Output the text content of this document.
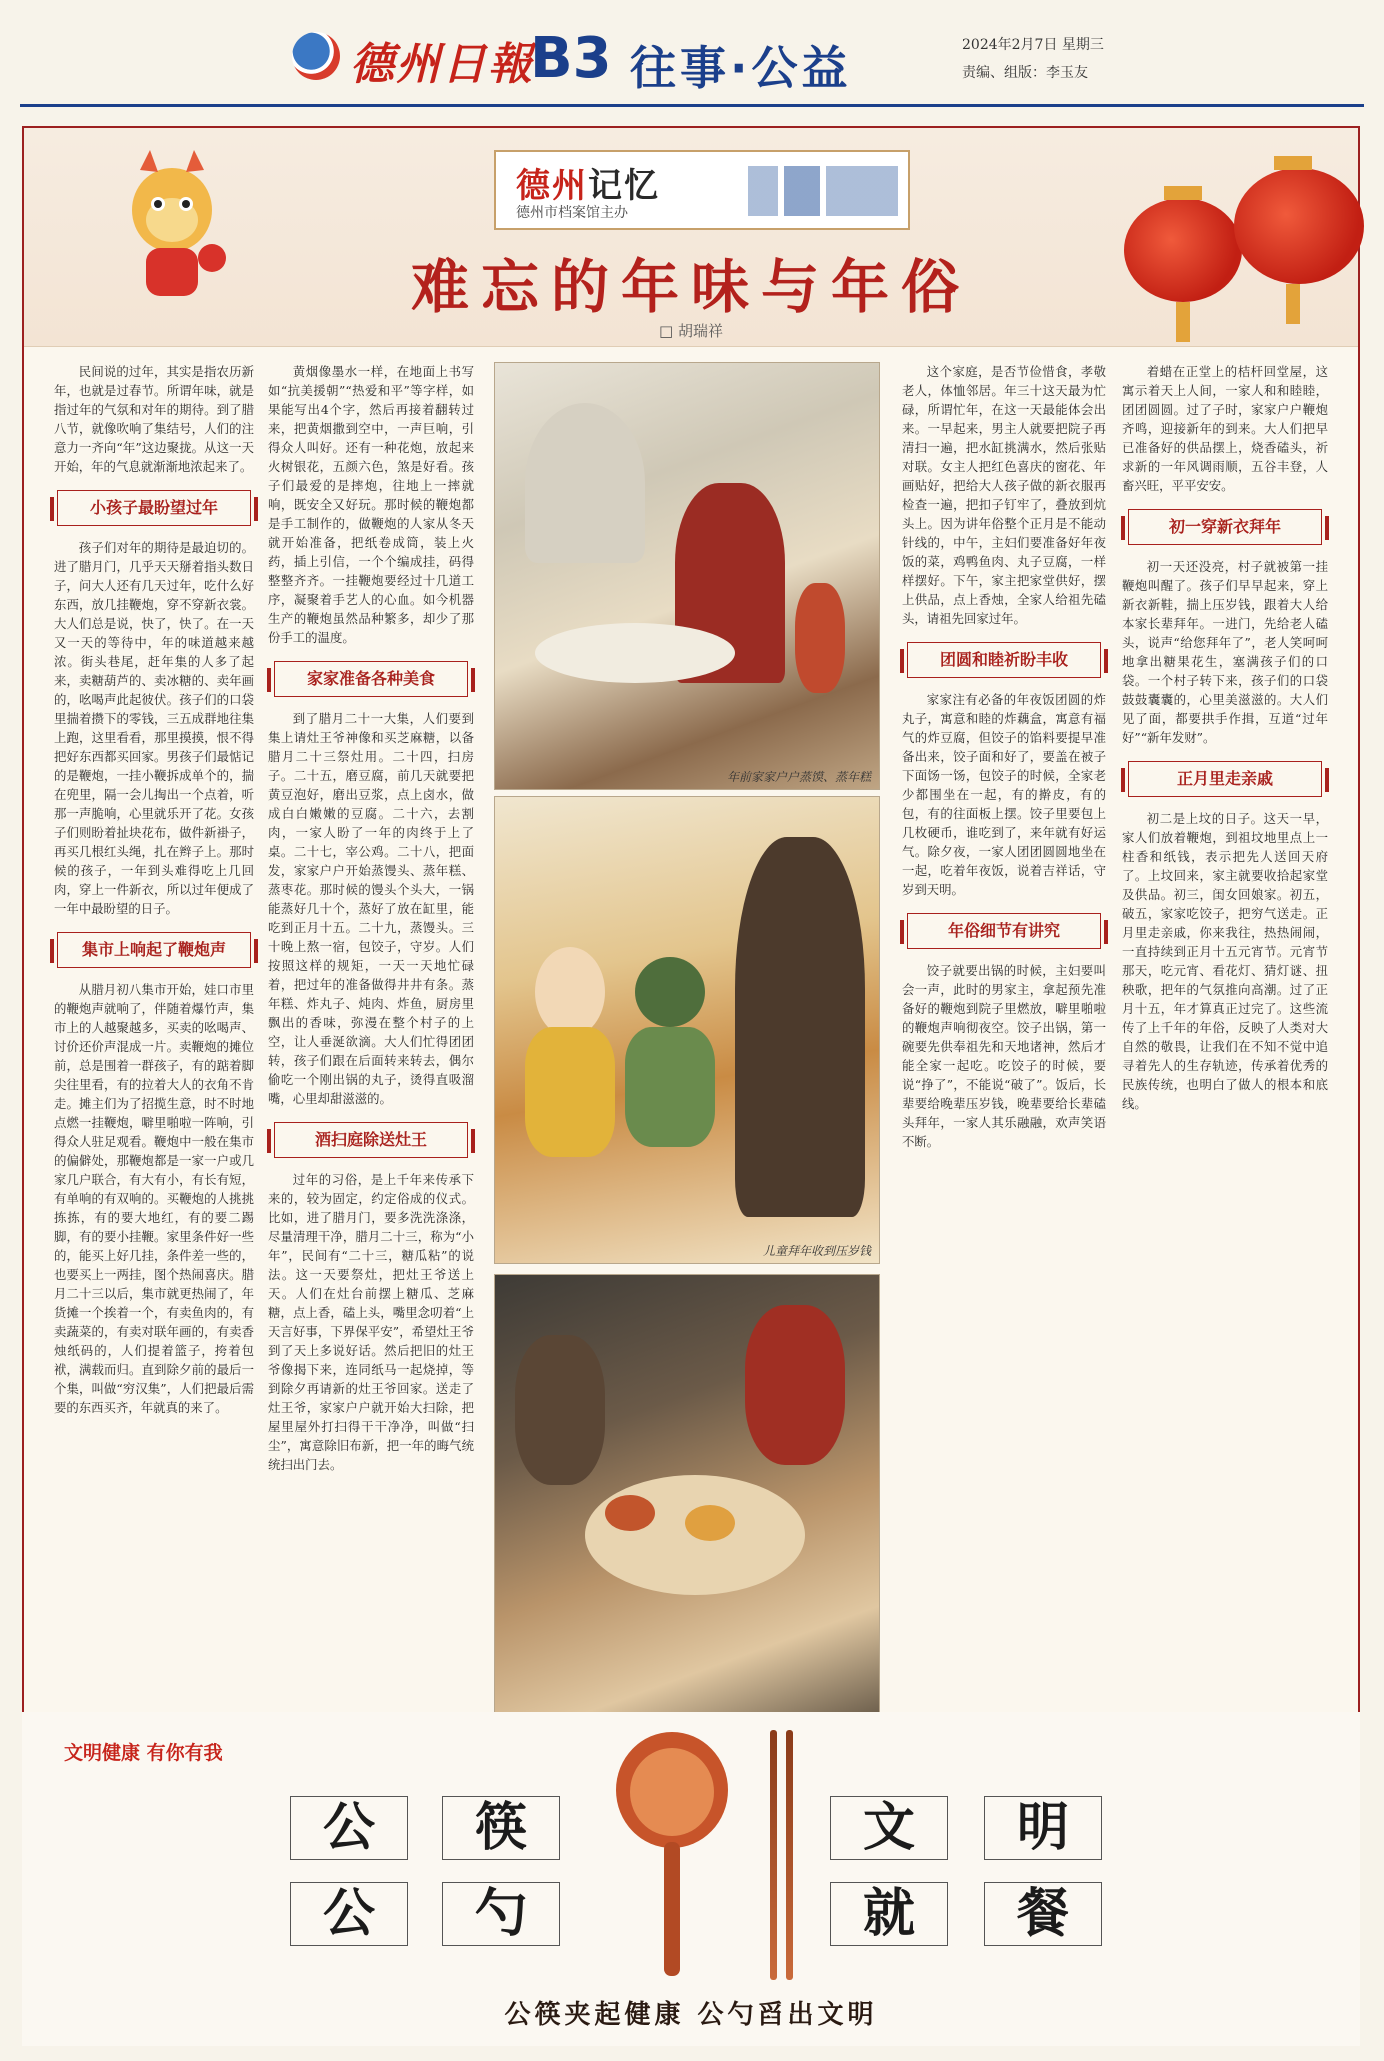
德州日報
B3 往事·公益	2024年2月7日 星期三
责编、组版：李玉友
德州记忆
德州市档案馆主办
难忘的年味与年俗
□ 胡瑞祥

民间说的过年，其实是指农历新年，也就是过春节。所谓年味，就是指过年的气氛和对年的期待。到了腊八节，就像吹响了集结号，人们的注意力一齐向“年”这边聚拢。从这一天开始，年的气息就渐渐地浓起来了。

小孩子最盼望过年

孩子们对年的期待是最迫切的。进了腊月门，几乎天天掰着指头数日子，问大人还有几天过年，吃什么好东西，放几挂鞭炮，穿不穿新衣裳。大人们总是说，快了，快了。在一天又一天的等待中，年的味道越来越浓。街头巷尾，赶年集的人多了起来，卖糖葫芦的、卖冰糖的、卖年画的，吆喝声此起彼伏。孩子们的口袋里揣着攒下的零钱，三五成群地往集上跑，这里看看，那里摸摸，恨不得把好东西都买回家。男孩子们最惦记的是鞭炮，一挂小鞭拆成单个的，揣在兜里，隔一会儿掏出一个点着，听那一声脆响，心里就乐开了花。女孩子们则盼着扯块花布，做件新褂子，再买几根红头绳，扎在辫子上。那时候的孩子，一年到头难得吃上几回肉，穿上一件新衣，所以过年便成了一年中最盼望的日子。

集市上响起了鞭炮声

从腊月初八集市开始，娃口市里的鞭炮声就响了，伴随着爆竹声，集市上的人越聚越多，买卖的吆喝声、讨价还价声混成一片。卖鞭炮的摊位前，总是围着一群孩子，有的踮着脚尖往里看，有的拉着大人的衣角不肯走。摊主们为了招揽生意，时不时地点燃一挂鞭炮，噼里啪啦一阵响，引得众人驻足观看。鞭炮中一般在集市的偏僻处，那鞭炮都是一家一户或几家几户联合，有大有小，有长有短，有单响的有双响的。买鞭炮的人挑挑拣拣，有的要大地红，有的要二踢脚，有的要小挂鞭。家里条件好一些的，能买上好几挂，条件差一些的，也要买上一两挂，图个热闹喜庆。腊月二十三以后，集市就更热闹了，年货摊一个挨着一个，有卖鱼肉的，有卖蔬菜的，有卖对联年画的，有卖香烛纸码的，人们提着篮子，挎着包袱，满载而归。直到除夕前的最后一个集，叫做“穷汉集”，人们把最后需要的东西买齐，年就真的来了。

黄烟像墨水一样，在地面上书写如“抗美援朝”“热爱和平”等字样，如果能写出4个字，然后再接着翻转过来，把黄烟撒到空中，一声巨响，引得众人叫好。还有一种花炮，放起来火树银花，五颜六色，煞是好看。孩子们最爱的是摔炮，往地上一摔就响，既安全又好玩。那时候的鞭炮都是手工制作的，做鞭炮的人家从冬天就开始准备，把纸卷成筒，装上火药，插上引信，一个个编成挂，码得整整齐齐。一挂鞭炮要经过十几道工序，凝聚着手艺人的心血。如今机器生产的鞭炮虽然品种繁多，却少了那份手工的温度。

家家准备各种美食

到了腊月二十一大集，人们要到集上请灶王爷神像和买芝麻糖，以备腊月二十三祭灶用。二十四，扫房子。二十五，磨豆腐，前几天就要把黄豆泡好，磨出豆浆，点上卤水，做成白白嫩嫩的豆腐。二十六，去割肉，一家人盼了一年的肉终于上了桌。二十七，宰公鸡。二十八，把面发，家家户户开始蒸馒头、蒸年糕、蒸枣花。那时候的馒头个头大，一锅能蒸好几十个，蒸好了放在缸里，能吃到正月十五。二十九，蒸馒头。三十晚上熬一宿，包饺子，守岁。人们按照这样的规矩，一天一天地忙碌着，把过年的准备做得井井有条。蒸年糕、炸丸子、炖肉、炸鱼，厨房里飘出的香味，弥漫在整个村子的上空，让人垂涎欲滴。大人们忙得团团转，孩子们跟在后面转来转去，偶尔偷吃一个刚出锅的丸子，烫得直吸溜嘴，心里却甜滋滋的。

酒扫庭除送灶王

过年的习俗，是上千年来传承下来的，较为固定，约定俗成的仪式。比如，进了腊月门，要多洗洗涤涤，尽量清理干净，腊月二十三，称为“小年”，民间有“二十三，糖瓜粘”的说法。这一天要祭灶，把灶王爷送上天。人们在灶台前摆上糖瓜、芝麻糖，点上香，磕上头，嘴里念叨着“上天言好事，下界保平安”，希望灶王爷到了天上多说好话。然后把旧的灶王爷像揭下来，连同纸马一起烧掉，等到除夕再请新的灶王爷回家。送走了灶王爷，家家户户就开始大扫除，把屋里屋外打扫得干干净净，叫做“扫尘”，寓意除旧布新，把一年的晦气统统扫出门去。

年前家家户户蒸馍、蒸年糕
儿童拜年收到压岁钱

这个家庭，是否节俭惜食，孝敬老人，体恤邻居。年三十这天最为忙碌，所谓忙年，在这一天最能体会出来。一早起来，男主人就要把院子再清扫一遍，把水缸挑满水，然后张贴对联。女主人把红色喜庆的窗花、年画贴好，把给大人孩子做的新衣服再检查一遍，把扣子钉牢了，叠放到炕头上。因为讲年俗整个正月是不能动针线的，中午，主妇们要准备好年夜饭的菜，鸡鸭鱼肉、丸子豆腐，一样样摆好。下午，家主把家堂供好，摆上供品，点上香烛，全家人给祖先磕头，请祖先回家过年。

团圆和睦祈盼丰收

家家注有必备的年夜饭团圆的炸丸子，寓意和睦的炸藕盒，寓意有福气的炸豆腐，但饺子的馅料要提早准备出来，饺子面和好了，要盖在被子下面饧一饧，包饺子的时候，全家老少都围坐在一起，有的擀皮，有的包，有的往面板上摆。饺子里要包上几枚硬币，谁吃到了，来年就有好运气。除夕夜，一家人团团圆圆地坐在一起，吃着年夜饭，说着吉祥话，守岁到天明。

年俗细节有讲究

饺子就要出锅的时候，主妇要叫会一声，此时的男家主，拿起预先准备好的鞭炮到院子里燃放，噼里啪啦的鞭炮声响彻夜空。饺子出锅，第一碗要先供奉祖先和天地诸神，然后才能全家一起吃。吃饺子的时候，要说“挣了”，不能说“破了”。饭后，长辈要给晚辈压岁钱，晚辈要给长辈磕头拜年，一家人其乐融融，欢声笑语不断。

着蜡在正堂上的桔杆回堂屋，这寓示着天上人间，一家人和和睦睦，团团圆圆。过了子时，家家户户鞭炮齐鸣，迎接新年的到来。大人们把早已准备好的供品摆上，烧香磕头，祈求新的一年风调雨顺，五谷丰登，人畜兴旺，平平安安。

初一穿新衣拜年

初一天还没亮，村子就被第一挂鞭炮叫醒了。孩子们早早起来，穿上新衣新鞋，揣上压岁钱，跟着大人给本家长辈拜年。一进门，先给老人磕头，说声“给您拜年了”，老人笑呵呵地拿出糖果花生，塞满孩子们的口袋。一个村子转下来，孩子们的口袋鼓鼓囊囊的，心里美滋滋的。大人们见了面，都要拱手作揖，互道“过年好”“新年发财”。

正月里走亲戚

初二是上坟的日子。这天一早，家人们放着鞭炮，到祖坟地里点上一柱香和纸钱，表示把先人送回天府了。上坟回来，家主就要收拾起家堂及供品。初三，闺女回娘家。初五，破五，家家吃饺子，把穷气送走。正月里走亲戚，你来我往，热热闹闹，一直持续到正月十五元宵节。元宵节那天，吃元宵、看花灯、猜灯谜、扭秧歌，把年的气氛推向高潮。过了正月十五，年才算真正过完了。这些流传了上千年的年俗，反映了人类对大自然的敬畏，让我们在不知不觉中追寻着先人的生存轨迹，传承着优秀的民族传统，也明白了做人的根本和底线。

文明健康 有你有我
公	筷
公	勺
文	明
就	餐
公筷夹起健康 公勺舀出文明
